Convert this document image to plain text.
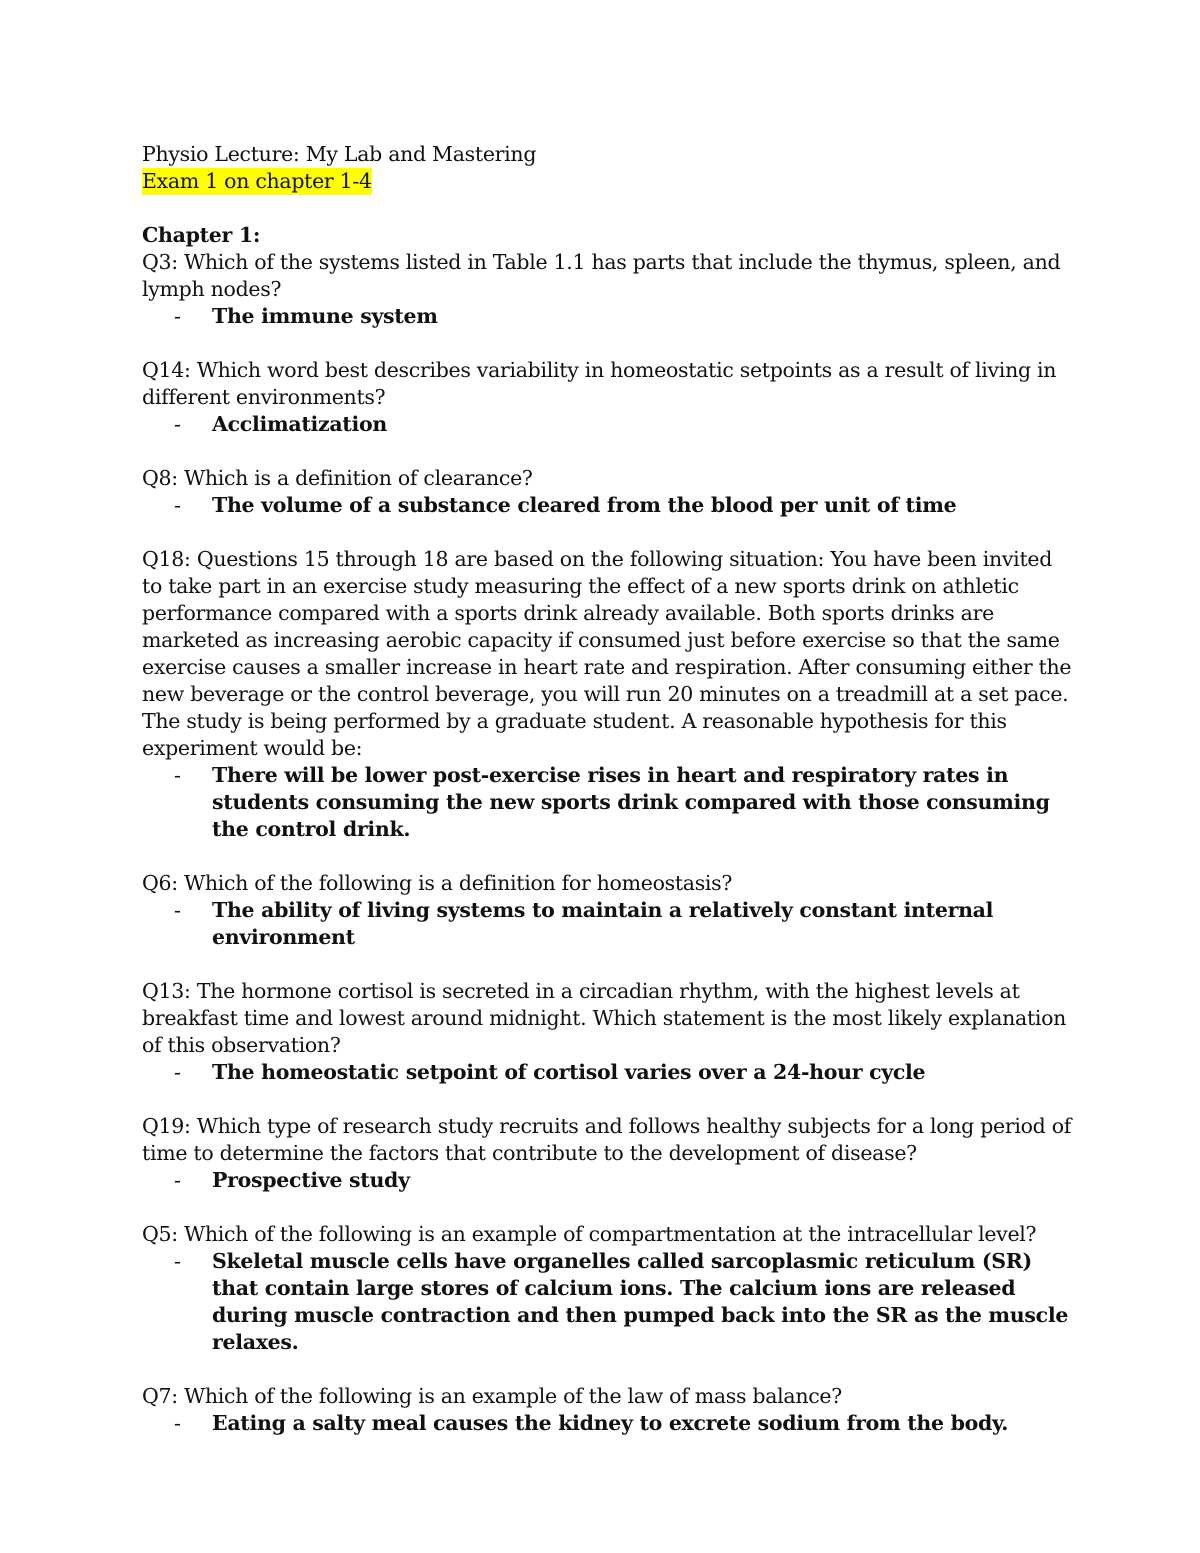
Physio Lecture: My Lab and Mastering
Exam 1 on chapter 1-4
Chapter 1:
Q3: Which of the systems listed in Table 1.1 has parts that include the thymus, spleen, and lymph nodes?
- The immune system
Q14: Which word best describes variability in homeostatic setpoints as a result of living in different environments?
- Acclimatization
Q8: Which is a definition of clearance?
- The volume of a substance cleared from the blood per unit of time
Q18: Questions 15 through 18 are based on the following situation: You have been invited to take part in an exercise study measuring the effect of a new sports drink on athletic performance compared with a sports drink already available. Both sports drinks are marketed as increasing aerobic capacity if consumed just before exercise so that the same exercise causes a smaller increase in heart rate and respiration. After consuming either the new beverage or the control beverage, you will run 20 minutes on a treadmill at a set pace. The study is being performed by a graduate student. A reasonable hypothesis for this experiment would be:
- There will be lower post-exercise rises in heart and respiratory rates in students consuming the new sports drink compared with those consuming the control drink.
Q6: Which of the following is a definition for homeostasis?
- The ability of living systems to maintain a relatively constant internal environment
Q13: The hormone cortisol is secreted in a circadian rhythm, with the highest levels at breakfast time and lowest around midnight. Which statement is the most likely explanation of this observation?
- The homeostatic setpoint of cortisol varies over a 24-hour cycle
Q19: Which type of research study recruits and follows healthy subjects for a long period of time to determine the factors that contribute to the development of disease?
- Prospective study
Q5: Which of the following is an example of compartmentation at the intracellular level?
- Skeletal muscle cells have organelles called sarcoplasmic reticulum (SR) that contain large stores of calcium ions. The calcium ions are released during muscle contraction and then pumped back into the SR as the muscle relaxes.
Q7: Which of the following is an example of the law of mass balance?
- Eating a salty meal causes the kidney to excrete sodium from the body.
